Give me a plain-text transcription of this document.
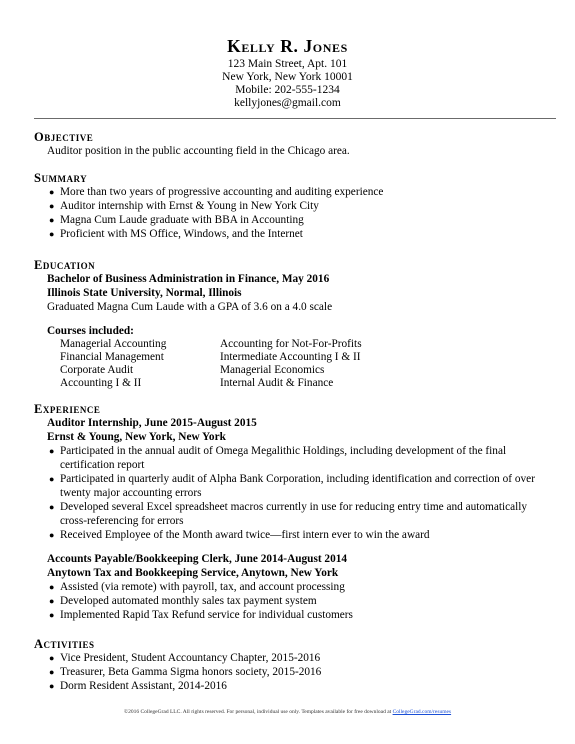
Kelly R. Jones
123 Main Street, Apt. 101
New York, New York 10001
Mobile: 202-555-1234
kellyjones@gmail.com
Objective
Auditor position in the public accounting field in the Chicago area.
Summary
● More than two years of progressive accounting and auditing experience
● Auditor internship with Ernst & Young in New York City
● Magna Cum Laude graduate with BBA in Accounting
● Proficient with MS Office, Windows, and the Internet
Education
Bachelor of Business Administration in Finance, May 2016
Illinois State University, Normal, Illinois
Graduated Magna Cum Laude with a GPA of 3.6 on a 4.0 scale
Courses included:
Managerial Accounting	Accounting for Not-For-Profits
Financial Management	Intermediate Accounting I & II
Corporate Audit	Managerial Economics
Accounting I & II	Internal Audit & Finance
Experience
Auditor Internship, June 2015-August 2015
Ernst & Young, New York, New York
● Participated in the annual audit of Omega Megalithic Holdings, including development of the final certification report
● Participated in quarterly audit of Alpha Bank Corporation, including identification and correction of over twenty major accounting errors
● Developed several Excel spreadsheet macros currently in use for reducing entry time and automatically cross-referencing for errors
● Received Employee of the Month award twice—first intern ever to win the award
Accounts Payable/Bookkeeping Clerk, June 2014-August 2014
Anytown Tax and Bookkeeping Service, Anytown, New York
● Assisted (via remote) with payroll, tax, and account processing
● Developed automated monthly sales tax payment system
● Implemented Rapid Tax Refund service for individual customers
Activities
● Vice President, Student Accountancy Chapter, 2015-2016
● Treasurer, Beta Gamma Sigma honors society, 2015-2016
● Dorm Resident Assistant, 2014-2016
©2016 CollegeGrad LLC. All rights reserved. For personal, individual use only. Templates available for free download at CollegeGrad.com/resumes
